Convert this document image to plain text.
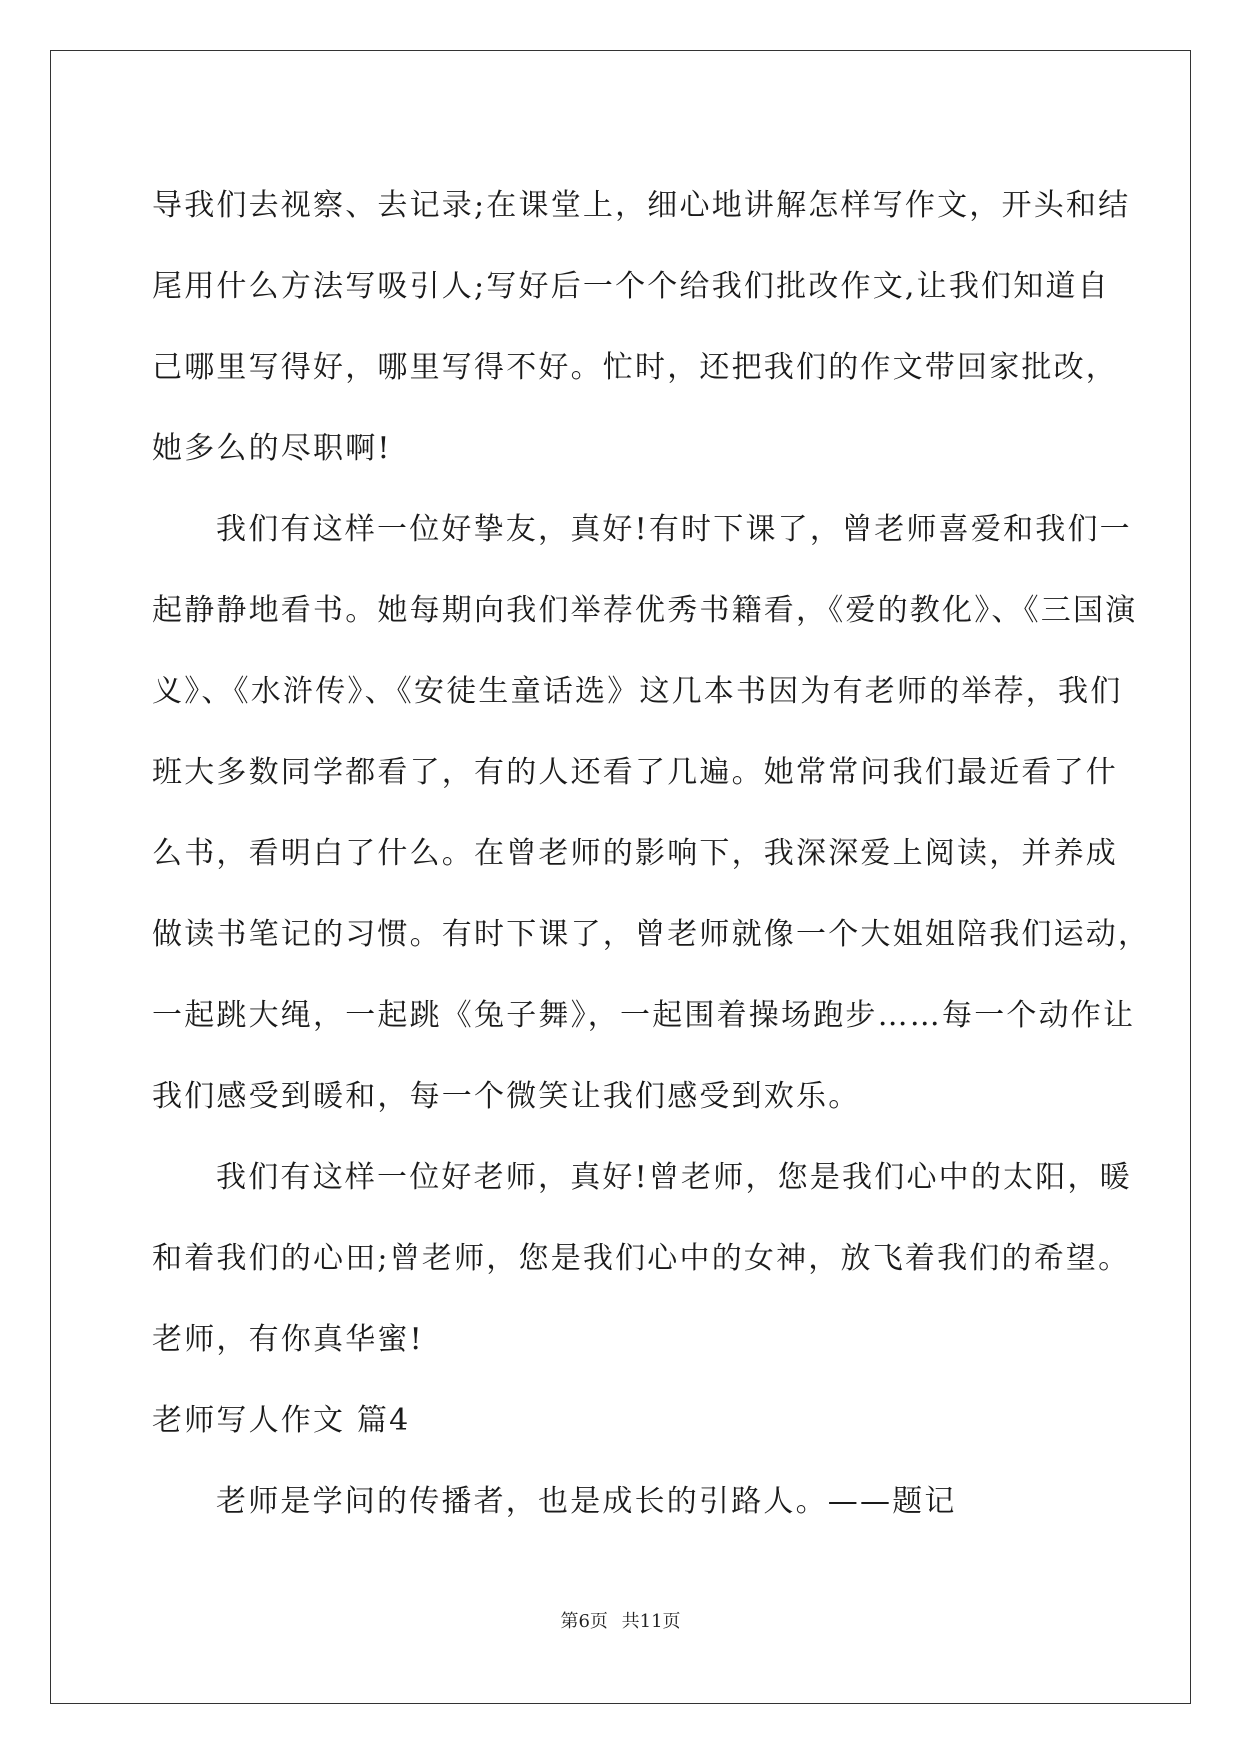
导我们去视察、去记录;在课堂上，细心地讲解怎样写作文，开头和结
尾用什么方法写吸引人;写好后一个个给我们批改作文,让我们知道自
己哪里写得好，哪里写得不好。忙时，还把我们的作文带回家批改，
她多么的尽职啊!
我们有这样一位好挚友，真好!有时下课了，曾老师喜爱和我们一
起静静地看书。她每期向我们举荐优秀书籍看，《爱的教化》、《三国演
义》、《水浒传》、《安徒生童话选》这几本书因为有老师的举荐，我们
班大多数同学都看了，有的人还看了几遍。她常常问我们最近看了什
么书，看明白了什么。在曾老师的影响下，我深深爱上阅读，并养成
做读书笔记的习惯。有时下课了，曾老师就像一个大姐姐陪我们运动，
一起跳大绳，一起跳《兔子舞》，一起围着操场跑步……每一个动作让
我们感受到暖和，每一个微笑让我们感受到欢乐。
我们有这样一位好老师，真好!曾老师，您是我们心中的太阳，暖
和着我们的心田;曾老师，您是我们心中的女神，放飞着我们的希望。
老师，有你真华蜜!
老师写人作文 篇4
老师是学问的传播者，也是成长的引路人。——题记
第6页 共11页
